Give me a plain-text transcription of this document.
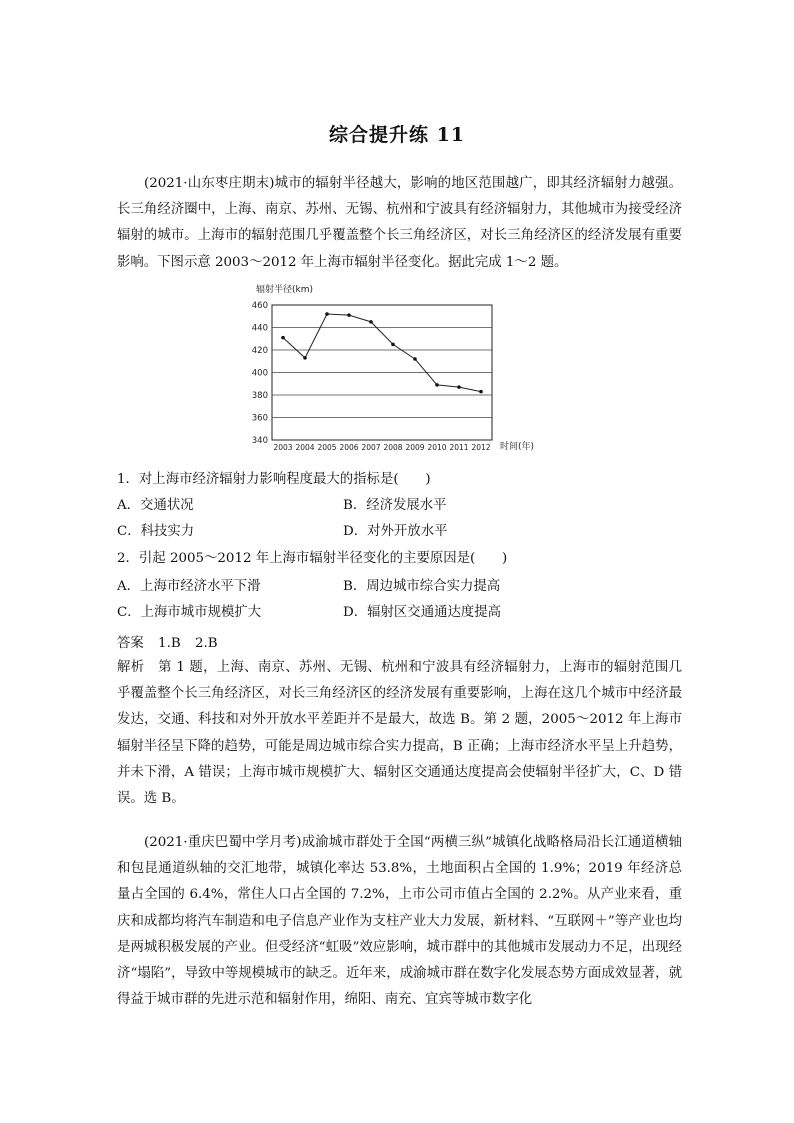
综合提升练 11
(2021·山东枣庄期末)城市的辐射半径越大，影响的地区范围越广，即其经济辐射力越强。长三角经济圈中，上海、南京、苏州、无锡、杭州和宁波具有经济辐射力，其他城市为接受经济辐射的城市。上海市的辐射范围几乎覆盖整个长三角经济区，对长三角经济区的经济发展有重要影响。下图示意 2003～2012 年上海市辐射半径变化。据此完成 1～2 题。
辐射半径(km)
340
360
380
400
420
440
460
2003 2004 2005 2006 2007 2008 2009 2010 2011 2012 时间(年)
1．对上海市经济辐射力影响程度最大的指标是(　　)
A．交通状况	B．经济发展水平
C．科技实力	D．对外开放水平
2．引起 2005～2012 年上海市辐射半径变化的主要原因是(　　)
A．上海市经济水平下滑	B．周边城市综合实力提高
C．上海市城市规模扩大	D．辐射区交通通达度提高
答案 1.B 2.B
解析　第 1 题，上海、南京、苏州、无锡、杭州和宁波具有经济辐射力，上海市的辐射范围几乎覆盖整个长三角经济区，对长三角经济区的经济发展有重要影响，上海在这几个城市中经济最发达，交通、科技和对外开放水平差距并不是最大，故选 B。第 2 题，2005～2012 年上海市辐射半径呈下降的趋势，可能是周边城市综合实力提高，B 正确；上海市经济水平呈上升趋势，并未下滑，A 错误；上海市城市规模扩大、辐射区交通通达度提高会使辐射半径扩大，C、D 错误。选 B。
(2021·重庆巴蜀中学月考)成渝城市群处于全国“两横三纵”城镇化战略格局沿长江通道横轴和包昆通道纵轴的交汇地带，城镇化率达 53.8%，土地面积占全国的 1.9%；2019 年经济总量占全国的 6.4%，常住人口占全国的 7.2%，上市公司市值占全国的 2.2%。从产业来看，重庆和成都均将汽车制造和电子信息产业作为支柱产业大力发展，新材料、“互联网＋”等产业也均是两城积极发展的产业。但受经济“虹吸”效应影响，城市群中的其他城市发展动力不足，出现经济“塌陷”，导致中等规模城市的缺乏。近年来，成渝城市群在数字化发展态势方面成效显著，就得益于城市群的先进示范和辐射作用，绵阳、南充、宜宾等城市数字化
